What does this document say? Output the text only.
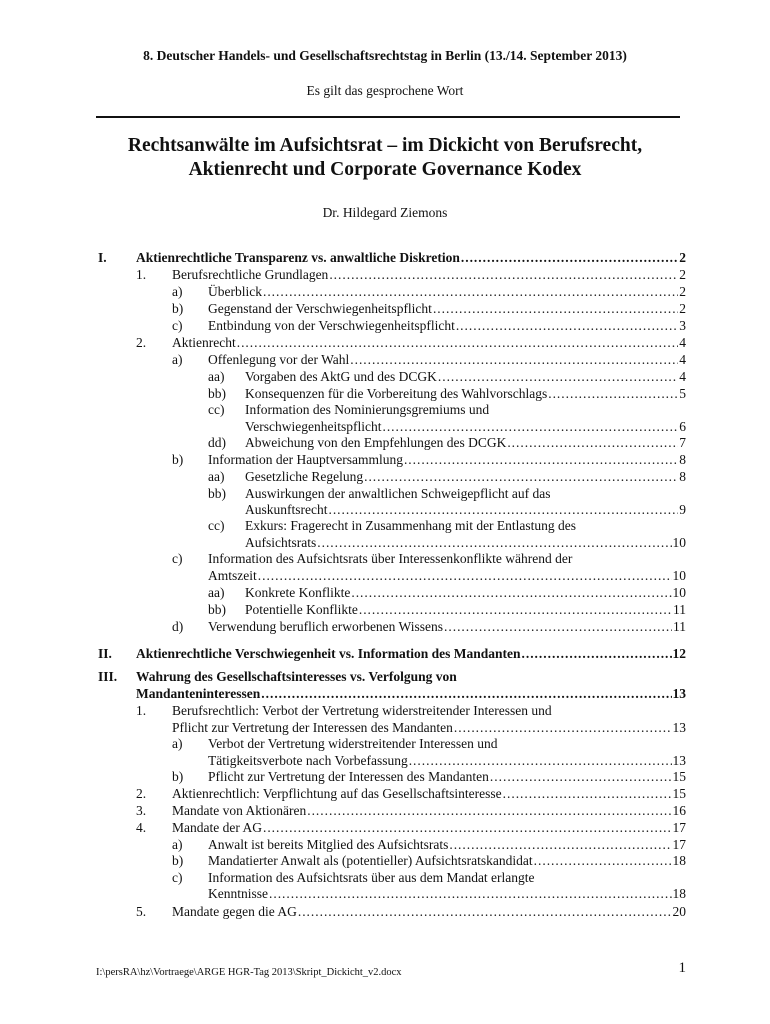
8. Deutscher Handels- und Gesellschaftsrechtstag in Berlin (13./14. September 2013)
Es gilt das gesprochene Wort
Rechtsanwälte im Aufsichtsrat – im Dickicht von Berufsrecht,
Aktienrecht und Corporate Governance Kodex
Dr. Hildegard Ziemons
I. Aktienrechtliche Transparenz vs. anwaltliche Diskretion . . .	2
1. Berufsrechtliche Grundlagen . . .	2
a) Überblick . . .	2
b) Gegenstand der Verschwiegenheitspflicht . . .	2
c) Entbindung von der Verschwiegenheitspflicht . . .	3
2. Aktienrecht . . .	4
a) Offenlegung vor der Wahl . . .	4
aa) Vorgaben des AktG und des DCGK . . .	4
bb) Konsequenzen für die Vorbereitung des Wahlvorschlags . . .	5
cc) Information des Nominierungsgremiums und
Verschwiegenheitspflicht . . .	6
dd) Abweichung von den Empfehlungen des DCGK . . .	7
b) Information der Hauptversammlung . . .	8
aa) Gesetzliche Regelung . . .	8
bb) Auswirkungen der anwaltlichen Schweigepflicht auf das
Auskunftsrecht . . .	9
cc) Exkurs: Fragerecht in Zusammenhang mit der Entlastung des
Aufsichtsrats . . .	10
c) Information des Aufsichtsrats über Interessenkonflikte während der
Amtszeit . . .	10
aa) Konkrete Konflikte . . .	10
bb) Potentielle Konflikte . . .	11
d) Verwendung beruflich erworbenen Wissens . . .	11
II. Aktienrechtliche Verschwiegenheit vs. Information des Mandanten . . .	12
III. Wahrung des Gesellschaftsinteresses vs. Verfolgung von
Mandanteninteressen . . .	13
1. Berufsrechtlich: Verbot der Vertretung widerstreitender Interessen und
Pflicht zur Vertretung der Interessen des Mandanten . . .	13
a) Verbot der Vertretung widerstreitender Interessen und
Tätigkeitsverbote nach Vorbefassung . . .	13
b) Pflicht zur Vertretung der Interessen des Mandanten . . .	15
2. Aktienrechtlich: Verpflichtung auf das Gesellschaftsinteresse . . .	15
3. Mandate von Aktionären . . .	16
4. Mandate der AG . . .	17
a) Anwalt ist bereits Mitglied des Aufsichtsrats . . .	17
b) Mandatierter Anwalt als (potentieller) Aufsichtsratskandidat . . .	18
c) Information des Aufsichtsrats über aus dem Mandat erlangte
Kenntnisse . . .	18
5. Mandate gegen die AG . . .	20
I:\persRA\hz\Vortraege\ARGE HGR-Tag 2013\Skript_Dickicht_v2.docx	1
